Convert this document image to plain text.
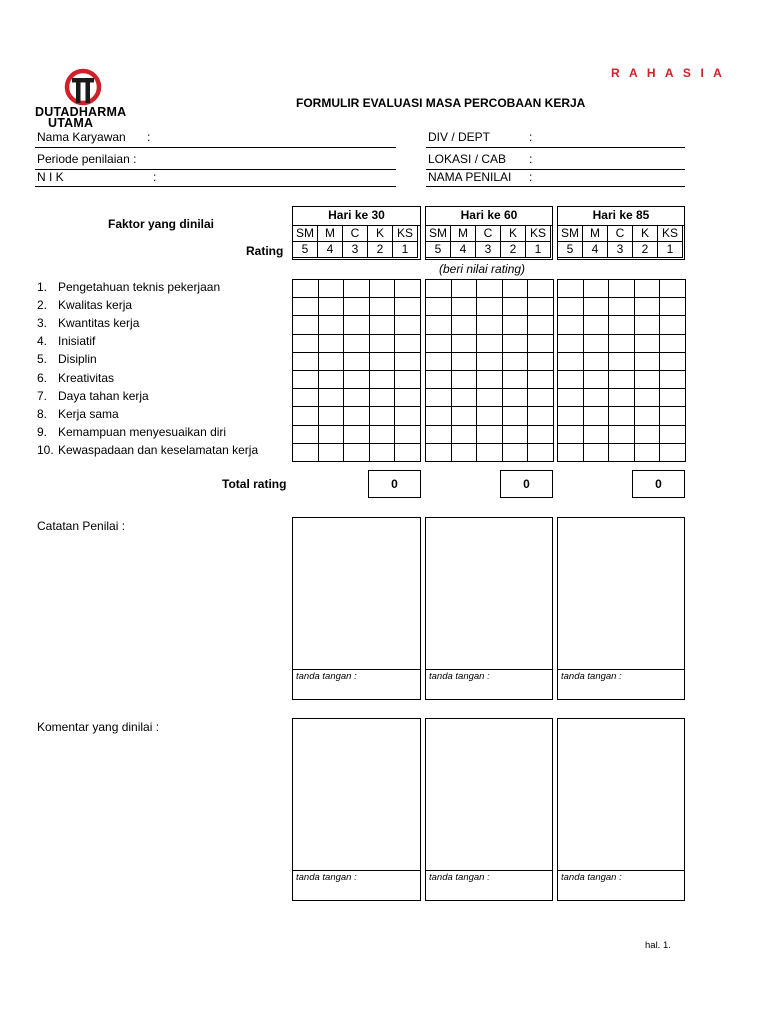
DUTADHARMA
UTAMA
R A H A S I A
FORMULIR EVALUASI MASA PERCOBAAN KERJA
Nama Karyawan :
Periode penilaian :
N I K	:
DIV / DEPT	:
LOKASI / CAB :
NAMA PENILAI :
Faktor yang dinilai
Rating
Hari ke 30
SM	M	C	K	KS
5	4	3	2	1
Hari ke 60
SM	M	C	K	KS
5	4	3	2	1
Hari ke 85
SM	M	C	K	KS
5	4	3	2	1
(beri nilai rating)
1. Pengetahuan teknis pekerjaan
2. Kwalitas kerja
3. Kwantitas kerja
4. Inisiatif
5. Disiplin
6. Kreativitas
7. Daya tahan kerja
8. Kerja sama
9. Kemampuan menyesuaikan diri
10. Kewaspadaan dan keselamatan kerja

Total rating	0	0	0
Catatan Penilai :
tanda tangan :	tanda tangan :	tanda tangan :
Komentar yang dinilai :
tanda tangan :	tanda tangan :	tanda tangan :
hal. 1.
